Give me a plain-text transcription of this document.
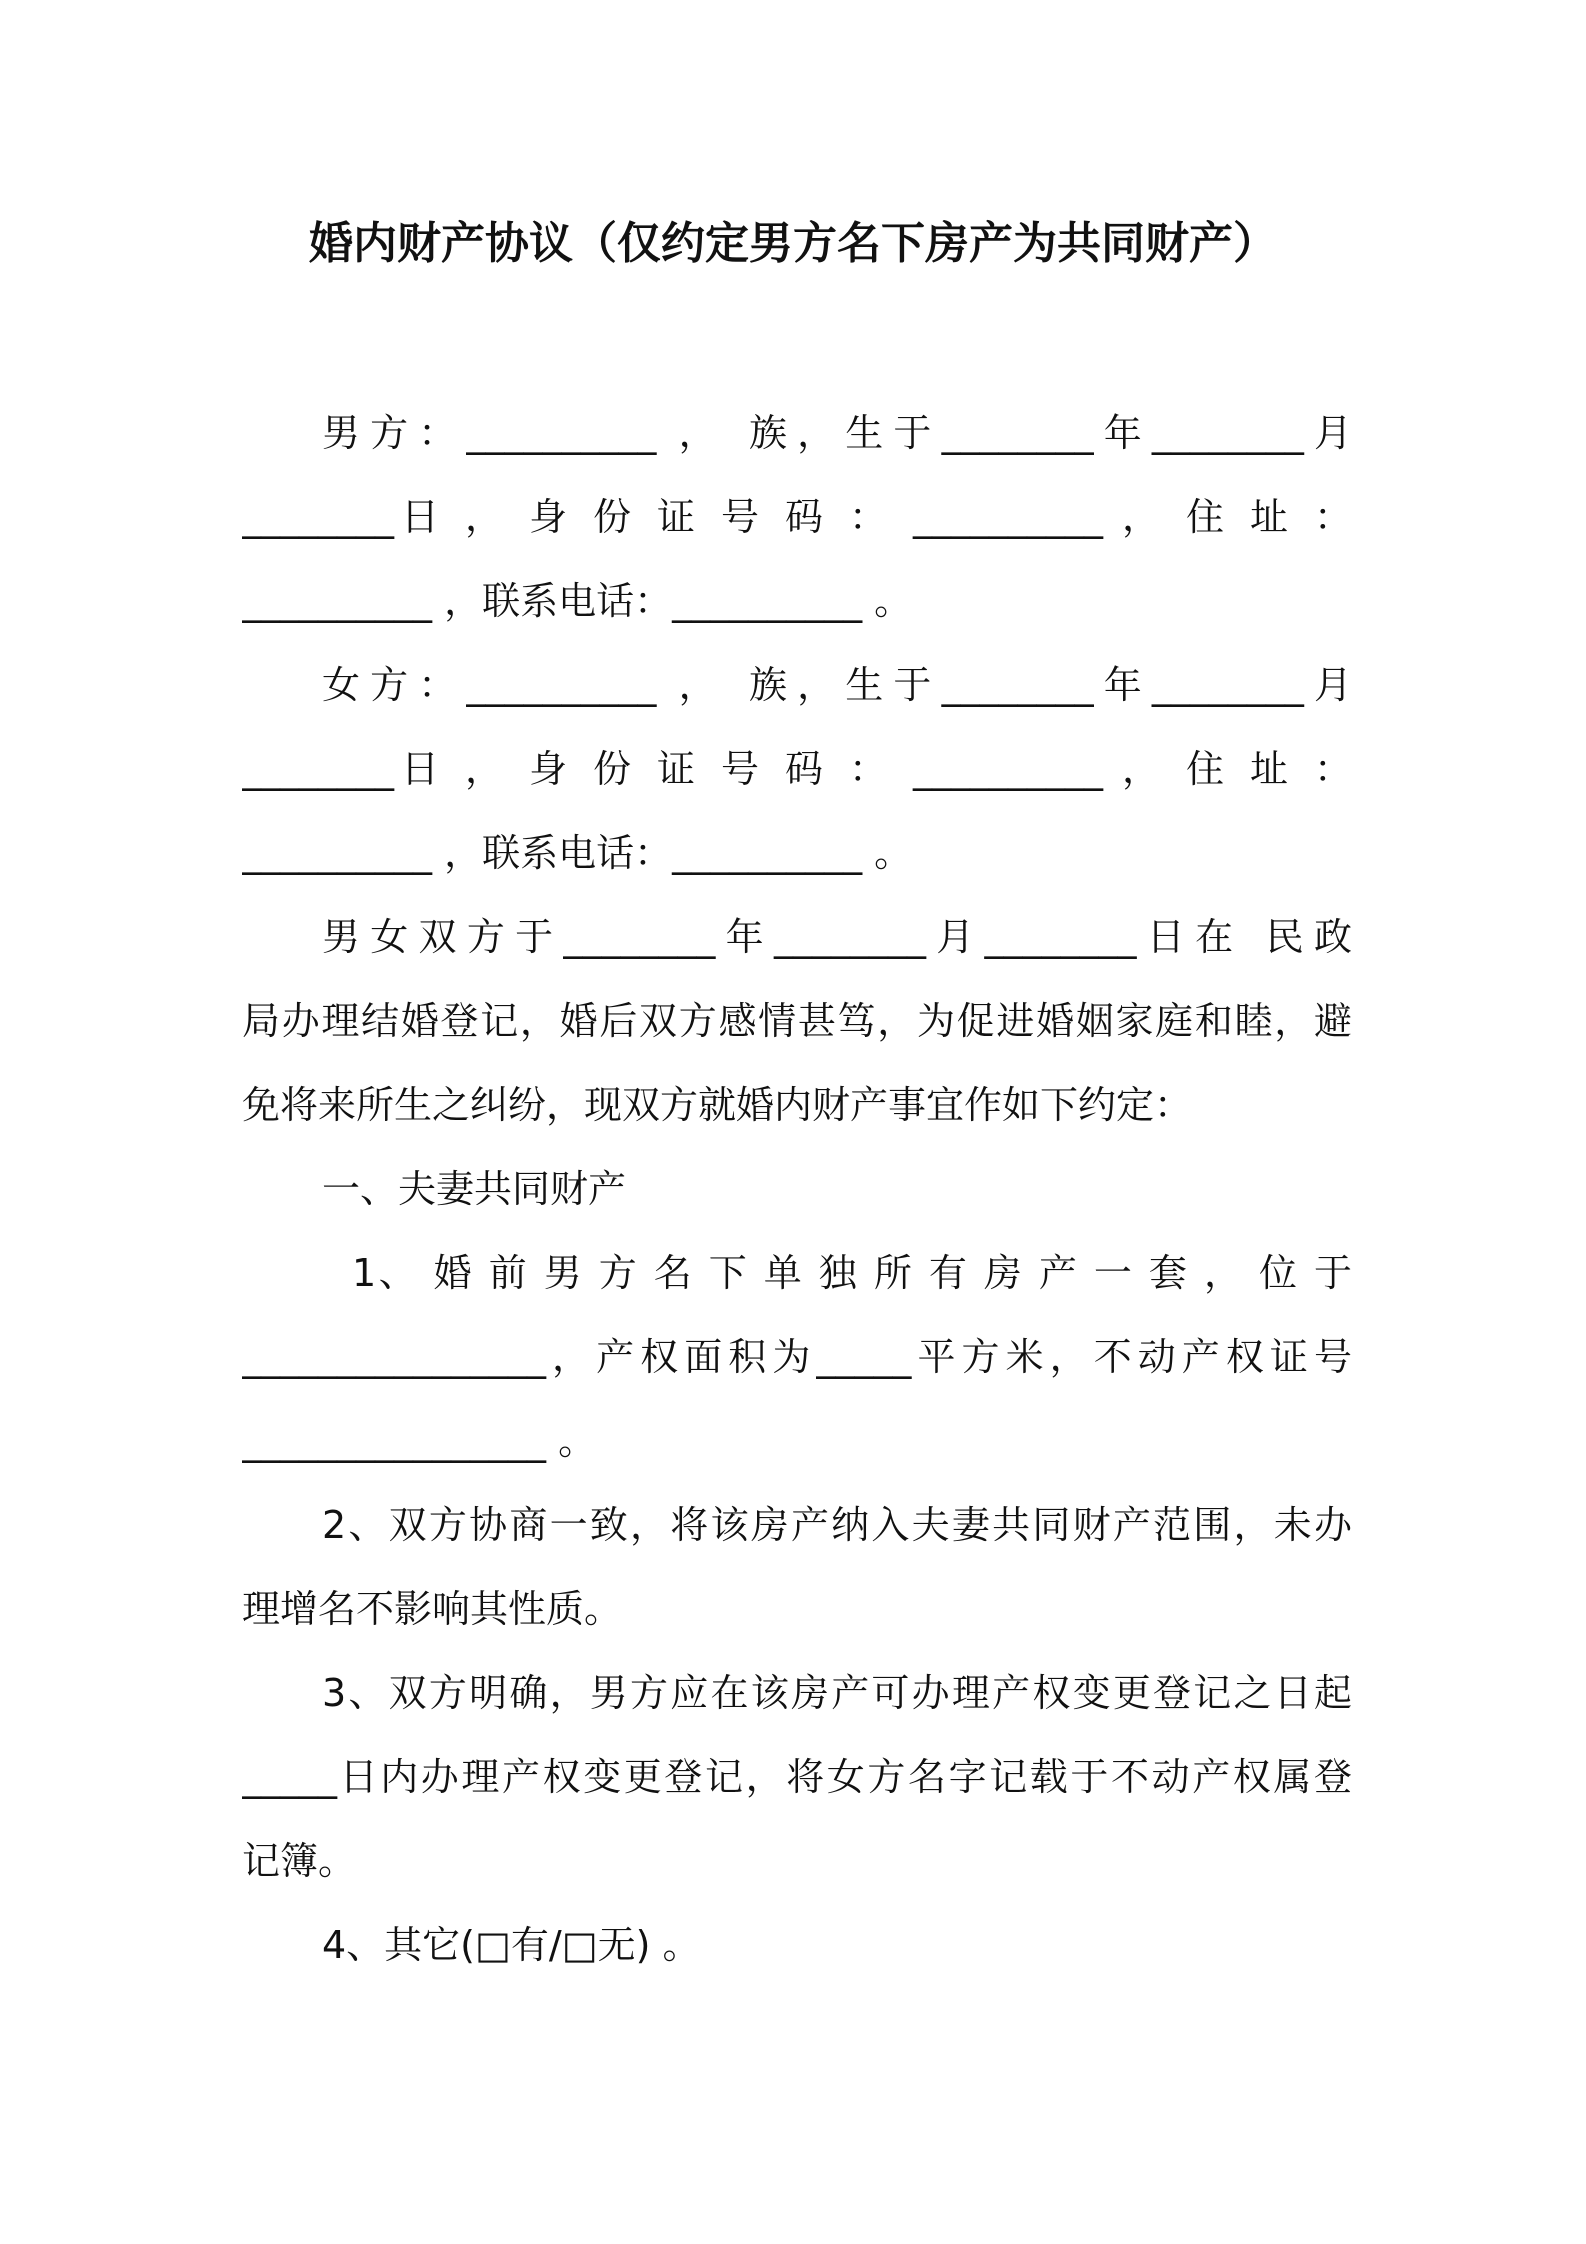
婚内财产协议（仅约定男方名下房产为共同财产）
男方：__________ ， 族，生于________年________月
________日 ， 身 份 证 号 码 ： __________ ， 住 址 ：
__________ ，联系电话：__________ 。
女方：__________ ， 族，生于________年________月
________日 ， 身 份 证 号 码 ： __________ ， 住 址 ：
__________ ，联系电话：__________ 。
男女双方于________年________月________日在 民政
局办理结婚登记，婚后双方感情甚笃，为促进婚姻家庭和睦，避
免将来所生之纠纷，现双方就婚内财产事宜作如下约定：
一、夫妻共同财产
1、 婚 前 男 方 名 下 单 独 所 有 房 产 一 套 ， 位 于
________________，产权面积为_____平方米，不动产权证号
________________ 。
2、双方协商一致，将该房产纳入夫妻共同财产范围，未办
理增名不影响其性质。
3、双方明确，男方应在该房产可办理产权变更登记之日起
_____日内办理产权变更登记，将女方名字记载于不动产权属登
记簿。
4、其它(□有/□无) 。
